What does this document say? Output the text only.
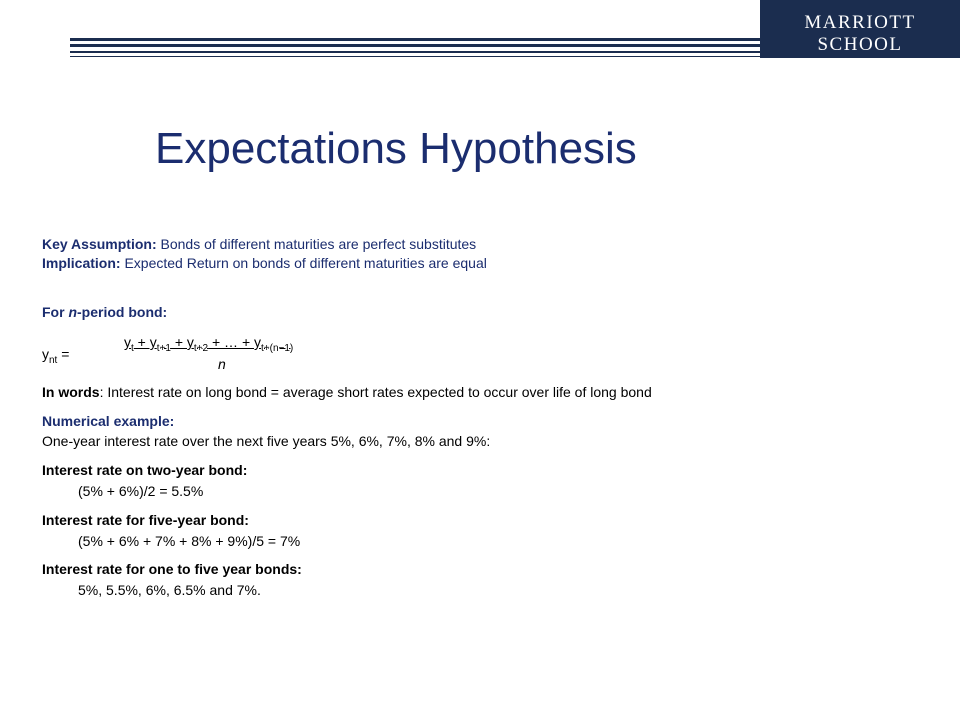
MARRIOTT SCHOOL
BRIGHAM YOUNG UNIVERSITY
Expectations Hypothesis
Key Assumption: Bonds of different maturities are perfect substitutes
Implication: Expected Return on bonds of different maturities are equal
For n-period bond:
$y_{nt}$ =
$y_t + y_{t+1} + y_{t+2}$ + … + $y_{t+(n-1)}$
n
In words: Interest rate on long bond = average short rates expected to occur over life of long bond
Numerical example:
One-year interest rate over the next five years 5%, 6%, 7%, 8% and 9%:
Interest rate on two-year bond:
(5% + 6%)/2 = 5.5%
Interest rate for five-year bond:
(5% + 6% + 7% + 8% + 9%)/5 = 7%
Interest rate for one to five year bonds:
5%, 5.5%, 6%, 6.5% and 7%.
